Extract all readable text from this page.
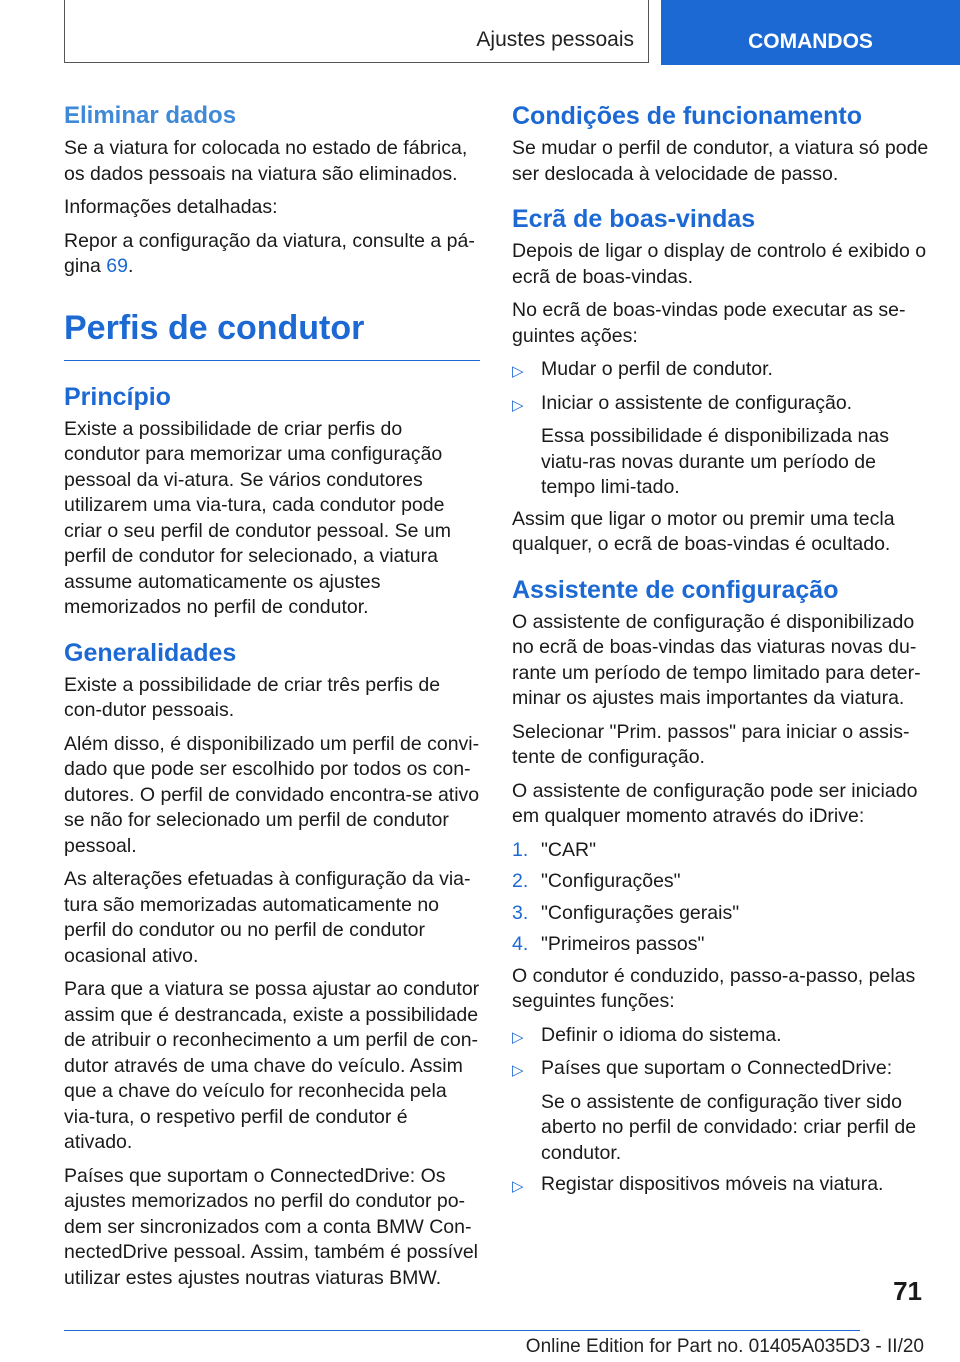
Ajustes pessoais	COMANDOS
Eliminar dados

Se a viatura for colocada no estado de fábrica, os dados pessoais na viatura são eliminados.

Informações detalhadas:

Repor a configuração da viatura, consulte a pá-gina 69.

Perfis de condutor
Princípio

Existe a possibilidade de criar perfis do condutor para memorizar uma configuração pessoal da vi-atura. Se vários condutores utilizarem uma via-tura, cada condutor pode criar o seu perfil de condutor pessoal. Se um perfil de condutor for selecionado, a viatura assume automaticamente os ajustes memorizados no perfil de condutor.

Generalidades

Existe a possibilidade de criar três perfis de con-dutor pessoais.

Além disso, é disponibilizado um perfil de convi-dado que pode ser escolhido por todos os con-dutores. O perfil de convidado encontra-se ativo se não for selecionado um perfil de condutor pessoal.

As alterações efetuadas à configuração da via-tura são memorizadas automaticamente no perfil do condutor ou no perfil de condutor ocasional ativo.

Para que a viatura se possa ajustar ao condutor assim que é destrancada, existe a possibilidade de atribuir o reconhecimento a um perfil de con-dutor através de uma chave do veículo. Assim que a chave do veículo for reconhecida pela via-tura, o respetivo perfil de condutor é ativado.

Países que suportam o ConnectedDrive: Os ajustes memorizados no perfil do condutor po-dem ser sincronizados com a conta BMW Con-nectedDrive pessoal. Assim, também é possível utilizar estes ajustes noutras viaturas BMW.

Condições de funcionamento

Se mudar o perfil de condutor, a viatura só pode ser deslocada à velocidade de passo.

Ecrã de boas-vindas

Depois de ligar o display de controlo é exibido o ecrã de boas-vindas.

No ecrã de boas-vindas pode executar as se-guintes ações:

▷ Mudar o perfil de condutor.
▷ Iniciar o assistente de configuração.
Essa possibilidade é disponibilizada nas viatu-ras novas durante um período de tempo limi-tado.

Assim que ligar o motor ou premir uma tecla qualquer, o ecrã de boas-vindas é ocultado.

Assistente de configuração

O assistente de configuração é disponibilizado no ecrã de boas-vindas das viaturas novas du-rante um período de tempo limitado para deter-minar os ajustes mais importantes da viatura.

Selecionar "Prim. passos" para iniciar o assis-tente de configuração.

O assistente de configuração pode ser iniciado em qualquer momento através do iDrive:

1. "CAR"
2. "Configurações"
3. "Configurações gerais"
4. "Primeiros passos"

O condutor é conduzido, passo-a-passo, pelas seguintes funções:

▷ Definir o idioma do sistema.
▷ Países que suportam o ConnectedDrive:
Se o assistente de configuração tiver sido aberto no perfil de convidado: criar perfil de condutor.
▷ Registar dispositivos móveis na viatura.
71
Online Edition for Part no. 01405A035D3 - II/20
